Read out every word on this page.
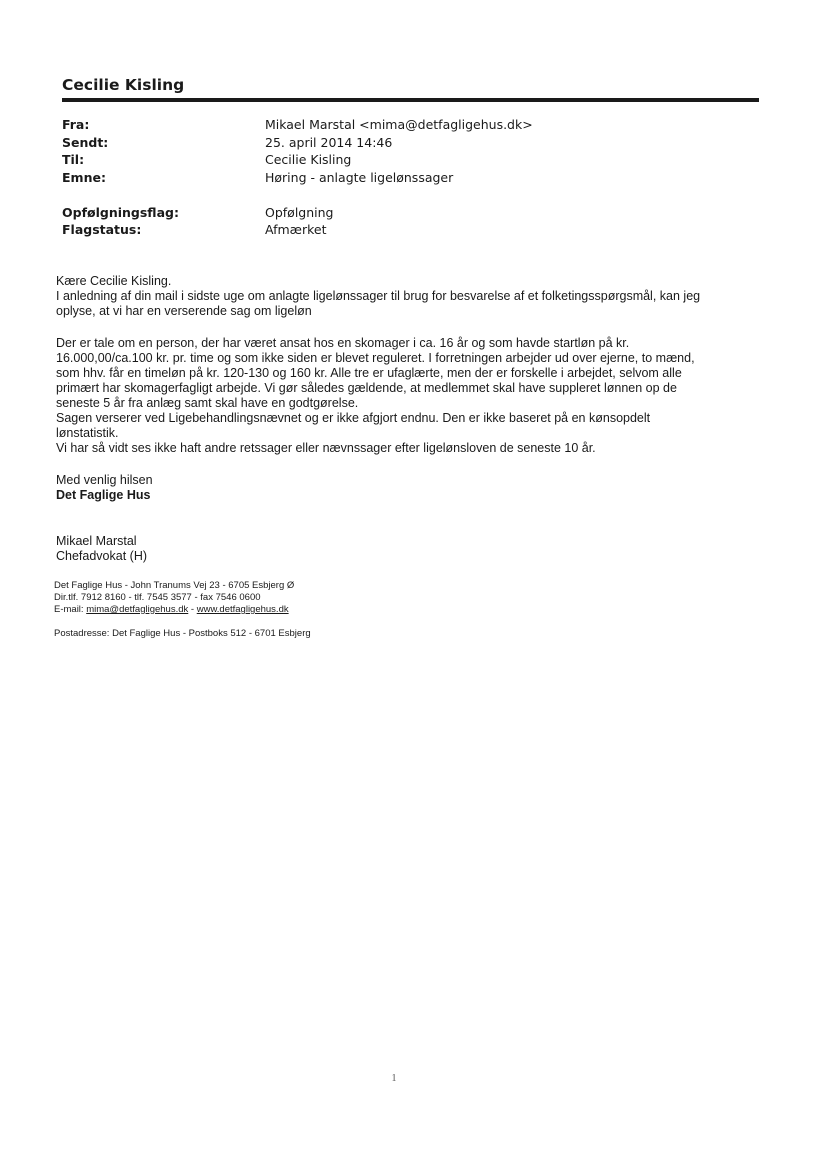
Cecilie Kisling
Fra:	Mikael Marstal <mima@detfagligehus.dk>
Sendt:	25. april 2014 14:46
Til:	Cecilie Kisling
Emne:	Høring - anlagte ligelønssager
Opfølgningsflag:	Opfølgning
Flagstatus:	Afmærket
Kære Cecilie Kisling.
I anledning af din mail i sidste uge om anlagte ligelønssager til brug for besvarelse af et folketingsspørgsmål, kan jeg
oplyse, at vi har en verserende sag om ligeløn
Der er tale om en person, der har været ansat hos en skomager i ca. 16 år og som havde startløn på kr.
16.000,00/ca.100 kr. pr. time og som ikke siden er blevet reguleret. I forretningen arbejder ud over ejerne, to mænd,
som hhv. får en timeløn på kr. 120-130 og 160 kr. Alle tre er ufaglærte, men der er forskelle i arbejdet, selvom alle
primært har skomagerfagligt arbejde. Vi gør således gældende, at medlemmet skal have suppleret lønnen op de
seneste 5 år fra anlæg samt skal have en godtgørelse.
Sagen verserer ved Ligebehandlingsnævnet og er ikke afgjort endnu. Den er ikke baseret på en kønsopdelt
lønstatistik.
Vi har så vidt ses ikke haft andre retssager eller nævnssager efter ligelønsloven de seneste 10 år.
Med venlig hilsen
Det Faglige Hus
Mikael Marstal
Chefadvokat (H)
Det Faglige Hus - John Tranums Vej 23 - 6705 Esbjerg Ø
Dir.tlf. 7912 8160 - tlf. 7545 3577 - fax 7546 0600
E-mail: mima@detfagligehus.dk - www.detfagligehus.dk
Postadresse: Det Faglige Hus - Postboks 512 - 6701 Esbjerg
1
